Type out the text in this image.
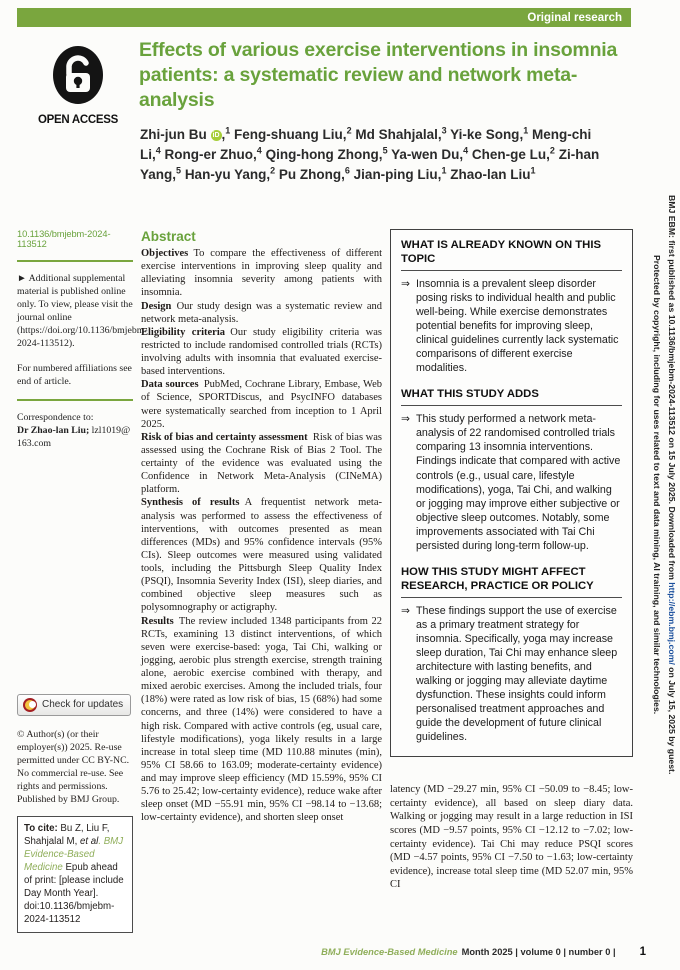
Original research
OPEN ACCESS
Effects of various exercise interventions in insomnia patients: a systematic review and network meta-analysis
Zhi-jun Bu iD ,$^1$ Feng-shuang Liu,$^2$ Md Shahjalal,$^3$ Yi-ke Song,$^1$ Meng-chi Li,$^4$ Rong-er Zhuo,$^4$ Qing-hong Zhong,$^5$ Ya-wen Du,$^4$ Chen-ge Lu,$^2$ Zi-han Yang,$^5$ Han-yu Yang,$^2$ Pu Zhong,$^6$ Jian-ping Liu,$^1$ Zhao-lan Liu$^1$
10.1136/bmjebm-2024-113512

► Additional supplemental material is published online only. To view, please visit the journal online (https://doi.org/10.1136/bmjebm-2024-113512).

For numbered affiliations see end of article.

Correspondence to:
Dr Zhao-lan Liu; lzl1019@ 163.com

Check for updates

© Author(s) (or their employer(s)) 2025. Re-use permitted under CC BY-NC. No commercial re-use. See rights and permissions. Published by BMJ Group.

To cite: Bu Z, Liu F, Shahjalal M, et al. BMJ Evidence-Based Medicine Epub ahead of print: [please include Day Month Year]. doi:10.1136/bmjebm-2024-113512
Abstract

Objectives To compare the effectiveness of different exercise interventions in improving sleep quality and alleviating insomnia severity among patients with insomnia.

Design Our study design was a systematic review and network meta-analysis.

Eligibility criteria Our study eligibility criteria was restricted to include randomised controlled trials (RCTs) involving adults with insomnia that evaluated exercise-based interventions.

Data sources PubMed, Cochrane Library, Embase, Web of Science, SPORTDiscus, and PsycINFO databases were systematically searched from inception to 1 April 2025.

Risk of bias and certainty assessment Risk of bias was assessed using the Cochrane Risk of Bias 2 Tool. The certainty of the evidence was evaluated using the Confidence in Network Meta-Analysis (CINeMA) platform.

Synthesis of results A frequentist network meta-analysis was performed to assess the effectiveness of interventions, with outcomes presented as mean differences (MDs) and 95% confidence intervals (95% CIs). Sleep outcomes were measured using validated tools, including the Pittsburgh Sleep Quality Index (PSQI), Insomnia Severity Index (ISI), sleep diaries, and combined objective sleep measures such as polysomnography or actigraphy.

Results The review included 1348 participants from 22 RCTs, examining 13 distinct interventions, of which seven were exercise-based: yoga, Tai Chi, walking or jogging, aerobic plus strength exercise, strength training alone, aerobic exercise combined with therapy, and mixed aerobic exercises. Among the included trials, four (18%) were rated as low risk of bias, 15 (68%) had some concerns, and three (14%) were considered to have a high risk. Compared with active controls (eg, usual care, lifestyle modifications), yoga likely results in a large increase in total sleep time (MD 110.88 minutes (min), 95% CI 58.66 to 163.09; moderate-certainty evidence) and may improve sleep efficiency (MD 15.59%, 95% CI 5.76 to 25.42; low-certainty evidence), reduce wake after sleep onset (MD −55.91 min, 95% CI −98.14 to −13.68; low-certainty evidence), and shorten sleep onset

WHAT IS ALREADY KNOWN ON THIS TOPIC
⇒ Insomnia is a prevalent sleep disorder posing risks to individual health and public well-being. While exercise demonstrates potential benefits for improving sleep, clinical guidelines currently lack systematic comparisons of different exercise modalities.
WHAT THIS STUDY ADDS
⇒ This study performed a network meta-analysis of 22 randomised controlled trials comparing 13 insomnia interventions. Findings indicate that compared with active controls (e.g., usual care, lifestyle modifications), yoga, Tai Chi, and walking or jogging may improve either subjective or objective sleep outcomes. Notably, some improvements associated with Tai Chi persisted during long-term follow-up.
HOW THIS STUDY MIGHT AFFECT RESEARCH, PRACTICE OR POLICY
⇒ These findings support the use of exercise as a primary treatment strategy for insomnia. Specifically, yoga may increase sleep duration, Tai Chi may enhance sleep architecture with lasting benefits, and walking or jogging may alleviate daytime dysfunction. These insights could inform personalised treatment approaches and guide the development of future clinical guidelines.

latency (MD −29.27 min, 95% CI −50.09 to −8.45; low-certainty evidence), all based on sleep diary data. Walking or jogging may result in a large reduction in ISI scores (MD −9.57 points, 95% CI −12.12 to −7.02; low-certainty evidence). Tai Chi may reduce PSQI scores (MD −4.57 points, 95% CI −7.50 to −1.63; low-certainty evidence), increase total sleep time (MD 52.07 min, 95% CI

BMJ Evidence-Based Medicine Month 2025 | volume 0 | number 0 | 1
BMJ EBM: first published as 10.1136/bmjebm-2024-113512 on 15 July 2025. Downloaded from http://ebm.bmj.com/ on July 15, 2025 by guest.
Protected by copyright, including for uses related to text and data mining, AI training, and similar technologies.
